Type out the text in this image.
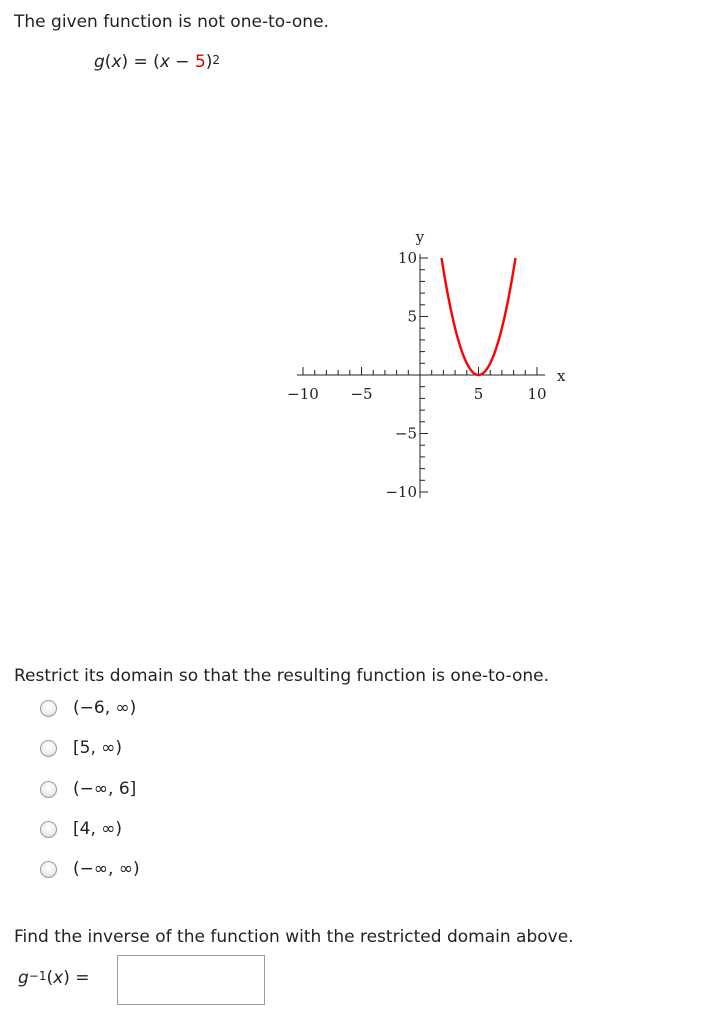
The given function is not one-to-one.
$g(x) = (x - 5)^2$
−10 −5	5	10
10
5
−5
−10
x
y
Restrict its domain so that the resulting function is one-to-one.
(−6, ∞)
[5, ∞)
(−∞, 6]
[4, ∞)
(−∞, ∞)
Find the inverse of the function with the restricted domain above.
$g^{-1}(x)$ =
